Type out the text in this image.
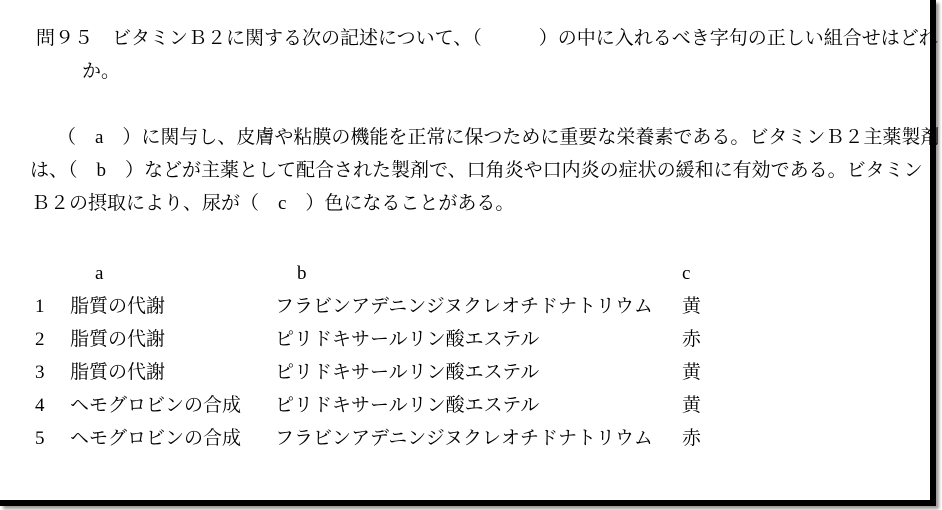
問９５　ビタミンＢ２に関する次の記述について、（　　　）の中に入れるべき字句の正しい組合せはどれ
か。
（　a　）に関与し、皮膚や粘膜の機能を正常に保つために重要な栄養素である。ビタミンＢ２主薬製剤
は、（　b　）などが主薬として配合された製剤で、口角炎や口内炎の症状の緩和に有効である。ビタミン
Ｂ２の摂取により、尿が（　c　）色になることがある。
a	b	c
1	脂質の代謝	フラビンアデニンジヌクレオチドナトリウム	黄
2	脂質の代謝	ピリドキサールリン酸エステル	赤
3	脂質の代謝	ピリドキサールリン酸エステル	黄
4	ヘモグロビンの合成	ピリドキサールリン酸エステル	黄
5	ヘモグロビンの合成	フラビンアデニンジヌクレオチドナトリウム	赤
